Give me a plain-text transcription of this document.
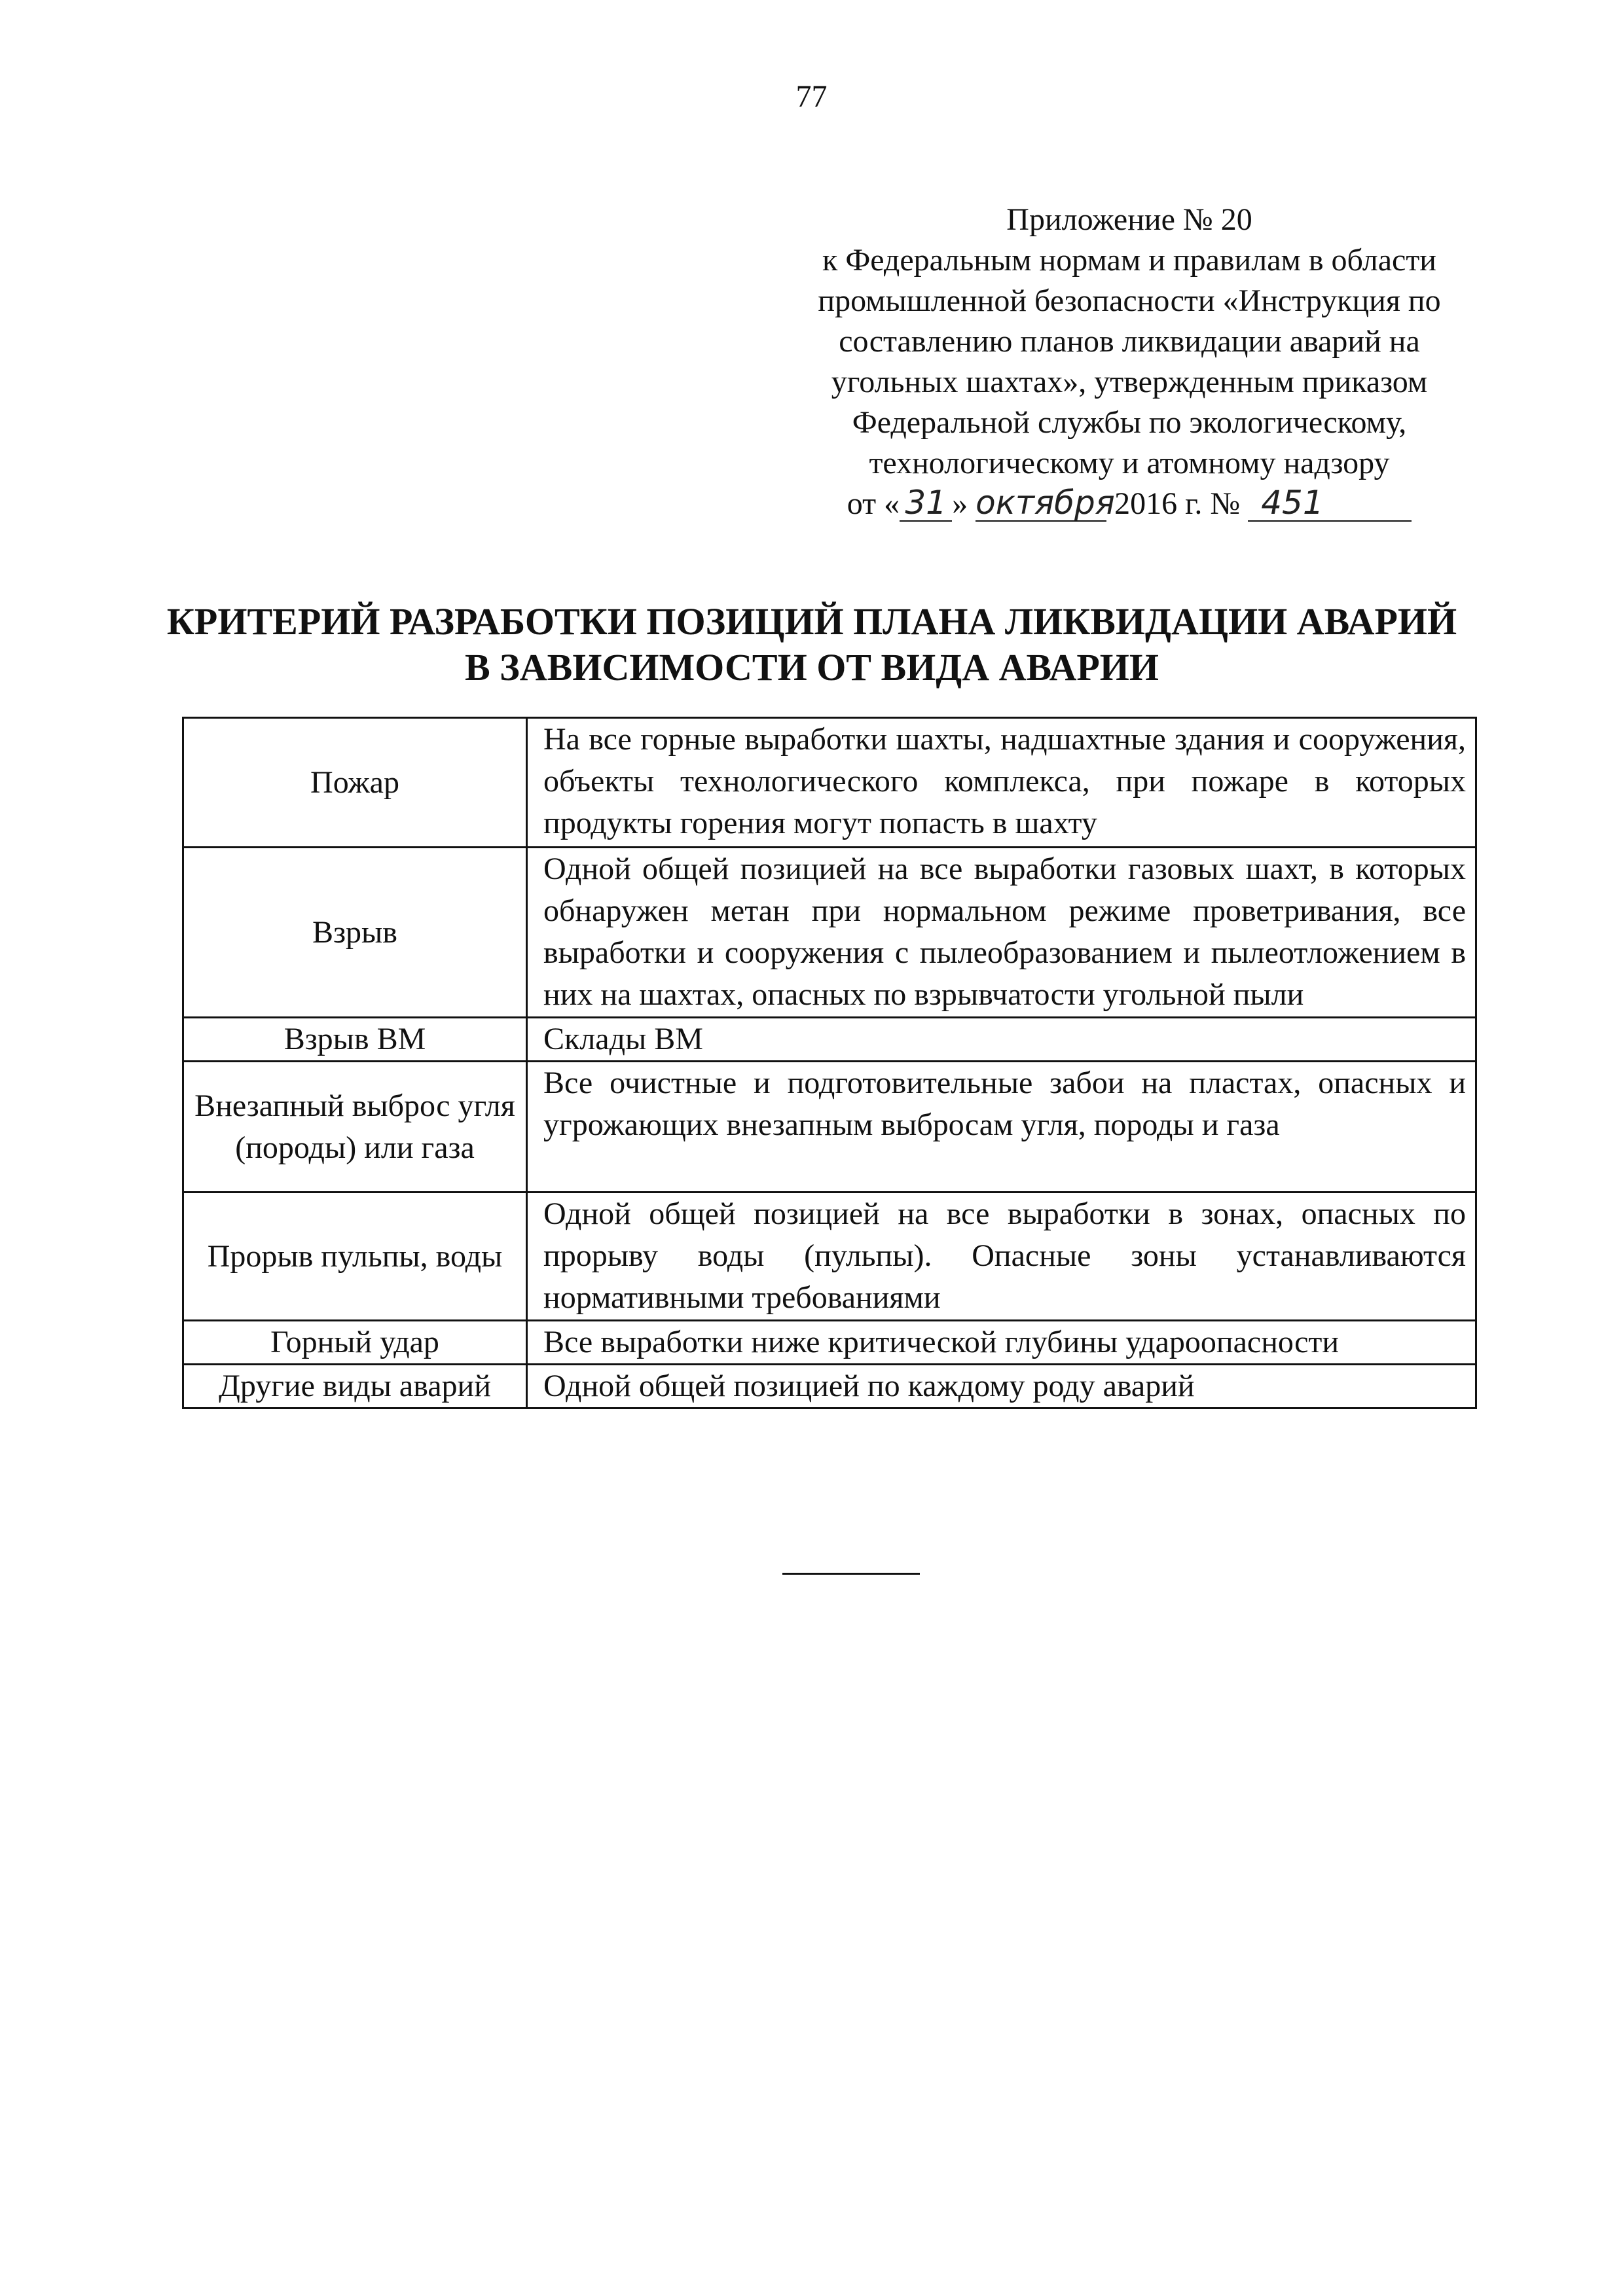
77
Приложение № 20
к Федеральным нормам и правилам в области
промышленной безопасности «Инструкция по
составлению планов ликвидации аварий на
угольных шахтах», утвержденным приказом
Федеральной службы по экологическому,
технологическому и атомному надзору
от « 31 » октября 2016 г. № 451
КРИТЕРИЙ РАЗРАБОТКИ ПОЗИЦИЙ ПЛАНА ЛИКВИДАЦИИ АВАРИЙ
В ЗАВИСИМОСТИ ОТ ВИДА АВАРИИ
Пожар	На все горные выработки шахты, надшахтные здания и сооружения, объекты технологического комплекса, при пожаре в которых продукты горения могут попасть в шахту
Взрыв	Одной общей позицией на все выработки газовых шахт, в которых обнаружен метан при нормальном режиме проветривания, все выработки и сооружения с пылеобразованием и пылеотложением в них на шахтах, опасных по взрывчатости угольной пыли
Взрыв ВМ	Склады ВМ
Внезапный выброс угля (породы) или газа	Все очистные и подготовительные забои на пластах, опасных и угрожающих внезапным выбросам угля, породы и газа
Прорыв пульпы, воды	Одной общей позицией на все выработки в зонах, опасных по прорыву воды (пульпы). Опасные зоны устанавливаются нормативными требованиями
Горный удар	Все выработки ниже критической глубины удароопасности
Другие виды аварий	Одной общей позицией по каждому роду аварий
